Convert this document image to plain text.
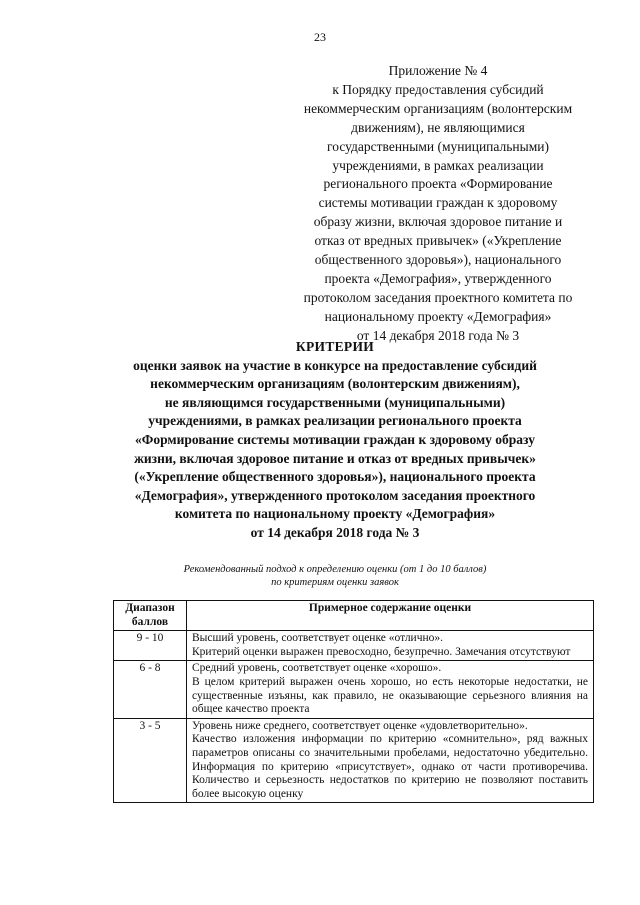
23
Приложение № 4
к Порядку предоставления субсидий
некоммерческим организациям (волонтерским
движениям), не являющимися
государственными (муниципальными)
учреждениями, в рамках реализации
регионального проекта «Формирование
системы мотивации граждан к здоровому
образу жизни, включая здоровое питание и
отказ от вредных привычек» («Укрепление
общественного здоровья»), национального
проекта «Демография», утвержденного
протоколом заседания проектного комитета по
национальному проекту «Демография»
от 14 декабря 2018 года № 3
КРИТЕРИИ
оценки заявок на участие в конкурсе на предоставление субсидий
некоммерческим организациям (волонтерским движениям),
не являющимся государственными (муниципальными)
учреждениями, в рамках реализации регионального проекта
«Формирование системы мотивации граждан к здоровому образу
жизни, включая здоровое питание и отказ от вредных привычек»
(«Укрепление общественного здоровья»), национального проекта
«Демография», утвержденного протоколом заседания проектного
комитета по национальному проекту «Демография»
от 14 декабря 2018 года № 3
Рекомендованный подход к определению оценки (от 1 до 10 баллов)
по критериям оценки заявок
Диапазон
баллов	Примерное содержание оценки
9 - 10	Высший уровень, соответствует оценке «отлично».
Критерий оценки выражен превосходно, безупречно. Замечания отсутствуют

6 - 8	Средний уровень, соответствует оценке «хорошо».
В целом критерий выражен очень хорошо, но есть некоторые недостатки, не существенные изъяны, как правило, не оказывающие серьезного влияния на общее качество проекта

3 - 5	Уровень ниже среднего, соответствует оценке «удовлетворительно».
Качество изложения информации по критерию «сомнительно», ряд важных параметров описаны со значительными пробелами, недостаточно убедительно. Информация по критерию «присутствует», однако от части противоречива. Количество и серьезность недостатков по критерию не позволяют поставить более высокую оценку
